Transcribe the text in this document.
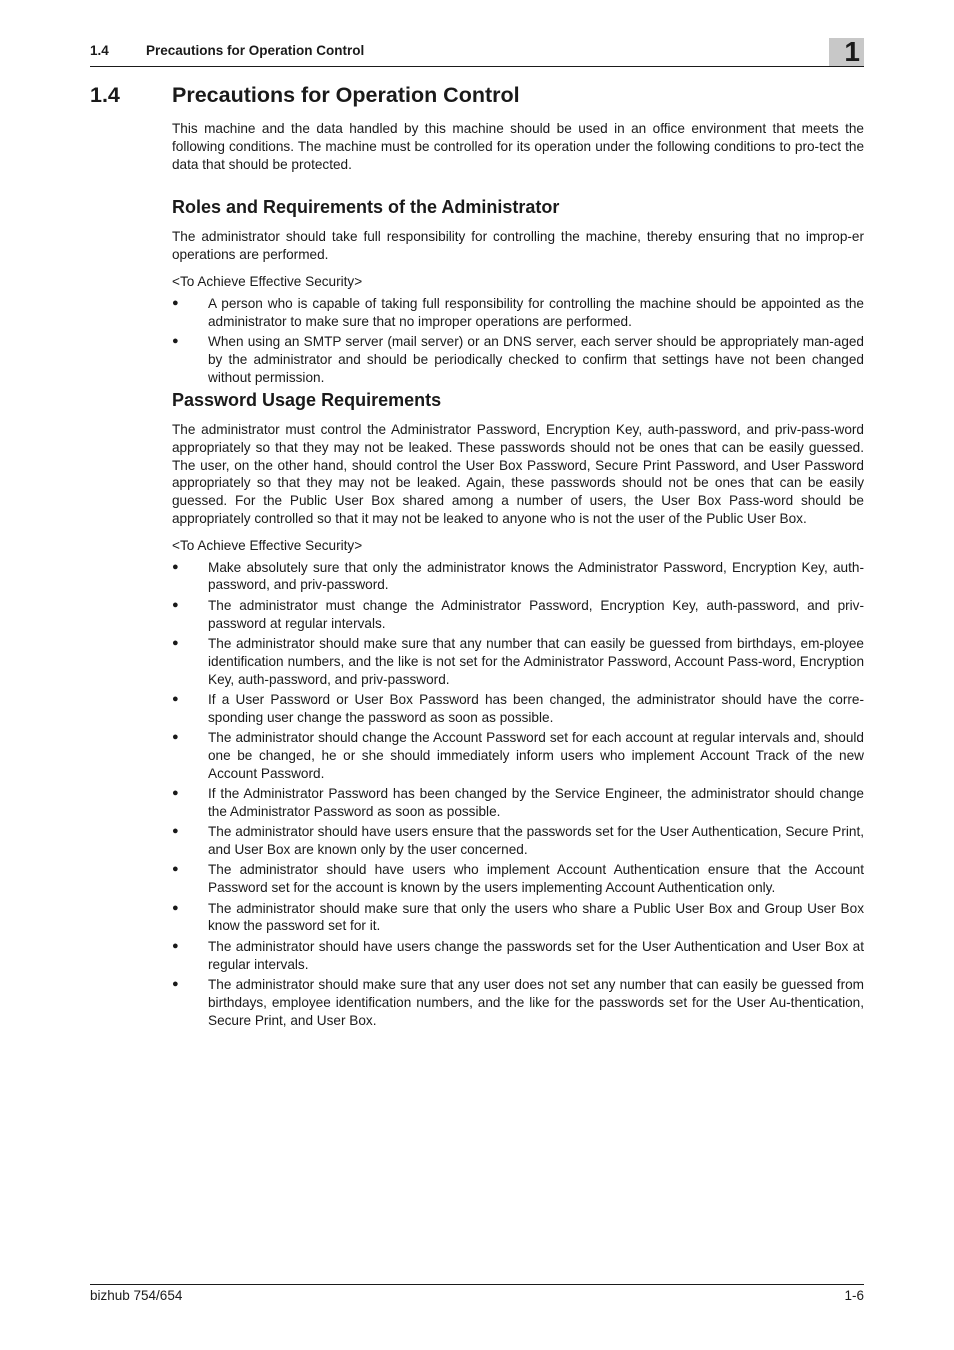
1.4	Precautions for Operation Control	1
1.4 Precautions for Operation Control

This machine and the data handled by this machine should be used in an office environment that meets the following conditions. The machine must be controlled for its operation under the following conditions to pro-tect the data that should be protected.

Roles and Requirements of the Administrator

The administrator should take full responsibility for controlling the machine, thereby ensuring that no improp-er operations are performed.

<To Achieve Effective Security>

● A person who is capable of taking full responsibility for controlling the machine should be appointed as the administrator to make sure that no improper operations are performed.
● When using an SMTP server (mail server) or an DNS server, each server should be appropriately man-aged by the administrator and should be periodically checked to confirm that settings have not been changed without permission.
Password Usage Requirements

The administrator must control the Administrator Password, Encryption Key, auth-password, and priv-pass-word appropriately so that they may not be leaked. These passwords should not be ones that can be easily guessed. The user, on the other hand, should control the User Box Password, Secure Print Password, and User Password appropriately so that they may not be leaked. Again, these passwords should not be ones that can be easily guessed. For the Public User Box shared among a number of users, the User Box Pass-word should be appropriately controlled so that it may not be leaked to anyone who is not the user of the Public User Box.

<To Achieve Effective Security>

● Make absolutely sure that only the administrator knows the Administrator Password, Encryption Key, auth-password, and priv-password.
● The administrator must change the Administrator Password, Encryption Key, auth-password, and priv-password at regular intervals.
● The administrator should make sure that any number that can easily be guessed from birthdays, em-ployee identification numbers, and the like is not set for the Administrator Password, Account Pass-word, Encryption Key, auth-password, and priv-password.
● If a User Password or User Box Password has been changed, the administrator should have the corre-sponding user change the password as soon as possible.
● The administrator should change the Account Password set for each account at regular intervals and, should one be changed, he or she should immediately inform users who implement Account Track of the new Account Password.
● If the Administrator Password has been changed by the Service Engineer, the administrator should change the Administrator Password as soon as possible.
● The administrator should have users ensure that the passwords set for the User Authentication, Secure Print, and User Box are known only by the user concerned.
● The administrator should have users who implement Account Authentication ensure that the Account Password set for the account is known by the users implementing Account Authentication only.
● The administrator should make sure that only the users who share a Public User Box and Group User Box know the password set for it.
● The administrator should have users change the passwords set for the User Authentication and User Box at regular intervals.
● The administrator should make sure that any user does not set any number that can easily be guessed from birthdays, employee identification numbers, and the like for the passwords set for the User Au-thentication, Secure Print, and User Box.
bizhub 754/654	1-6
